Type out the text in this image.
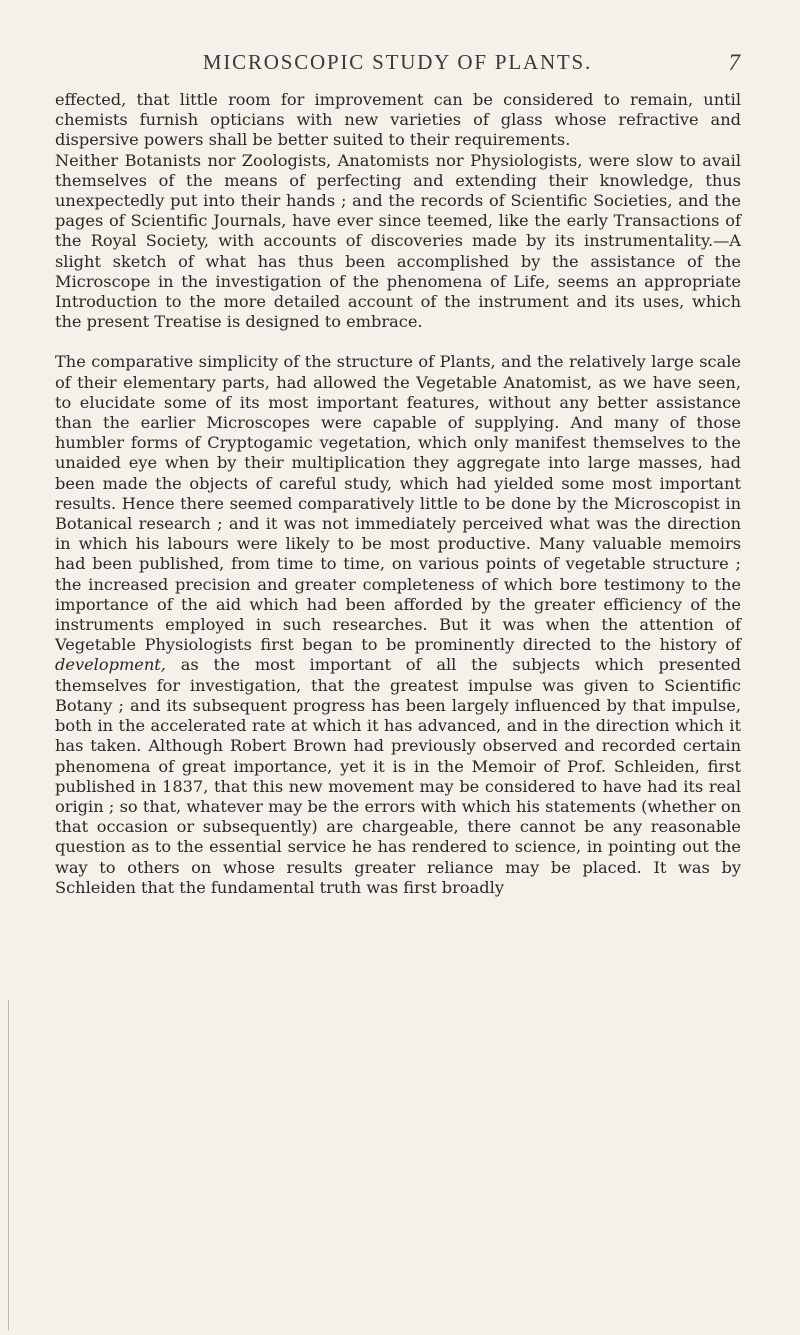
MICROSCOPIC STUDY OF PLANTS.	7

effected, that little room for improvement can be considered to remain, until chemists furnish opticians with new varieties of glass whose refractive and dispersive powers shall be better suited to their requirements.

Neither Botanists nor Zoologists, Anatomists nor Physiologists, were slow to avail themselves of the means of perfecting and extending their knowledge, thus unexpectedly put into their hands ; and the records of Scientific Societies, and the pages of Scientific Journals, have ever since teemed, like the early Transactions of the Royal Society, with accounts of discoveries made by its instrumentality.—A slight sketch of what has thus been accomplished by the assistance of the Microscope in the investigation of the phenomena of Life, seems an appropriate Introduction to the more detailed account of the instrument and its uses, which the present Treatise is designed to embrace.

The comparative simplicity of the structure of Plants, and the relatively large scale of their elementary parts, had allowed the Vegetable Anatomist, as we have seen, to elucidate some of its most important features, without any better assistance than the earlier Microscopes were capable of supplying. And many of those humbler forms of Cryptogamic vegetation, which only manifest themselves to the unaided eye when by their multiplication they aggregate into large masses, had been made the objects of careful study, which had yielded some most important results. Hence there seemed comparatively little to be done by the Microscopist in Botanical research ; and it was not immediately perceived what was the direction in which his labours were likely to be most productive. Many valuable memoirs had been published, from time to time, on various points of vegetable structure ; the increased precision and greater completeness of which bore testimony to the importance of the aid which had been afforded by the greater efficiency of the instruments employed in such researches. But it was when the attention of Vegetable Physiologists first began to be prominently directed to the history of development, as the most important of all the subjects which presented themselves for investigation, that the greatest impulse was given to Scientific Botany ; and its subsequent progress has been largely influenced by that impulse, both in the accelerated rate at which it has advanced, and in the direction which it has taken. Although Robert Brown had previously observed and recorded certain phenomena of great importance, yet it is in the Memoir of Prof. Schleiden, first published in 1837, that this new movement may be considered to have had its real origin ; so that, whatever may be the errors with which his statements (whether on that occasion or subsequently) are chargeable, there cannot be any reasonable question as to the essential service he has rendered to science, in pointing out the way to others on whose results greater reliance may be placed. It was by Schleiden that the fundamental truth was first broadly
